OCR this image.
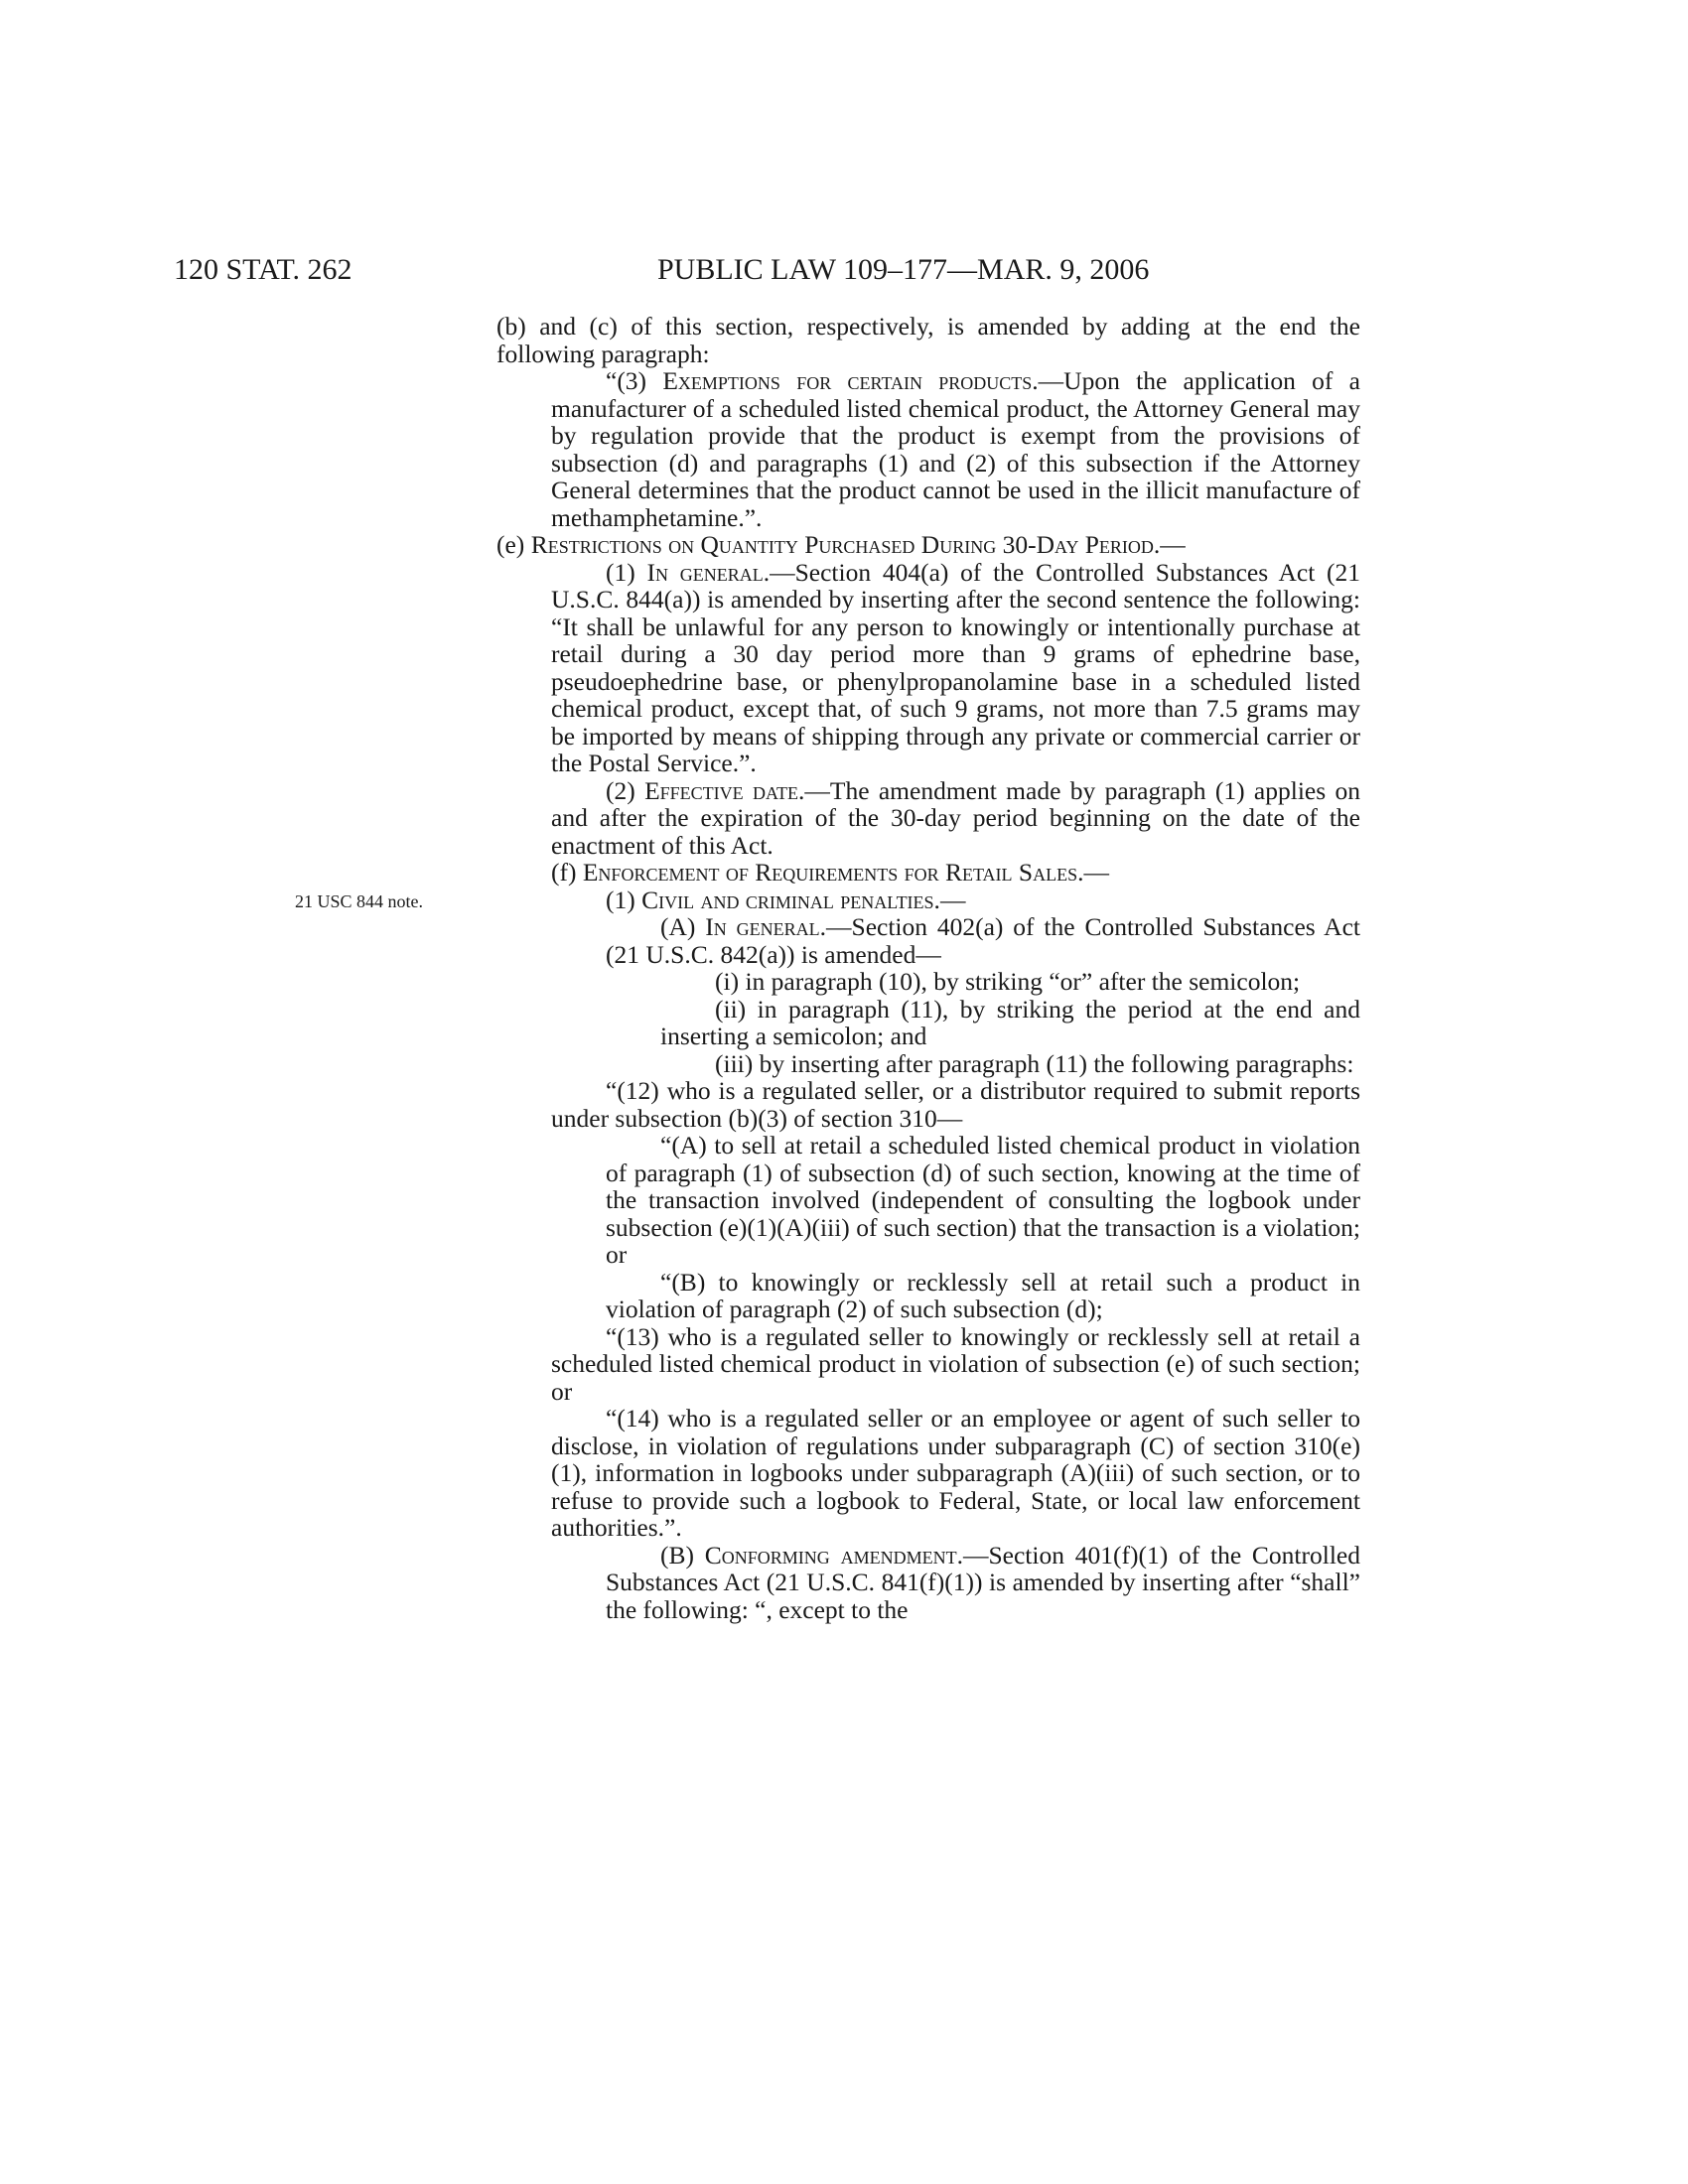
120 STAT. 262	PUBLIC LAW 109–177—MAR. 9, 2006
21 USC 844 note.

(b) and (c) of this section, respectively, is amended by adding at the end the following paragraph:

“(3) Exemptions for certain products.—Upon the application of a manufacturer of a scheduled listed chemical product, the Attorney General may by regulation provide that the product is exempt from the provisions of subsection (d) and paragraphs (1) and (2) of this subsection if the Attorney General determines that the product cannot be used in the illicit manufacture of methamphetamine.”.

(e) Restrictions on Quantity Purchased During 30-Day Period.—

(1) In general.—Section 404(a) of the Controlled Substances Act (21 U.S.C. 844(a)) is amended by inserting after the second sentence the following: “It shall be unlawful for any person to knowingly or intentionally purchase at retail during a 30 day period more than 9 grams of ephedrine base, pseudoephedrine base, or phenylpropanolamine base in a scheduled listed chemical product, except that, of such 9 grams, not more than 7.5 grams may be imported by means of shipping through any private or commercial carrier or the Postal Service.”.

(2) Effective date.—The amendment made by paragraph (1) applies on and after the expiration of the 30-day period beginning on the date of the enactment of this Act.

(f) Enforcement of Requirements for Retail Sales.—

(1) Civil and criminal penalties.—

(A) In general.—Section 402(a) of the Controlled Substances Act (21 U.S.C. 842(a)) is amended—

(i) in paragraph (10), by striking “or” after the semicolon;

(ii) in paragraph (11), by striking the period at the end and inserting a semicolon; and

(iii) by inserting after paragraph (11) the following paragraphs:

“(12) who is a regulated seller, or a distributor required to submit reports under subsection (b)(3) of section 310—

“(A) to sell at retail a scheduled listed chemical product in violation of paragraph (1) of subsection (d) of such section, knowing at the time of the transaction involved (independent of consulting the logbook under subsection (e)(1)(A)(iii) of such section) that the transaction is a violation; or

“(B) to knowingly or recklessly sell at retail such a product in violation of paragraph (2) of such subsection (d);

“(13) who is a regulated seller to knowingly or recklessly sell at retail a scheduled listed chemical product in violation of subsection (e) of such section; or

“(14) who is a regulated seller or an employee or agent of such seller to disclose, in violation of regulations under subparagraph (C) of section 310(e)(1), information in logbooks under subparagraph (A)(iii) of such section, or to refuse to provide such a logbook to Federal, State, or local law enforcement authorities.”.

(B) Conforming amendment.—Section 401(f)(1) of the Controlled Substances Act (21 U.S.C. 841(f)(1)) is amended by inserting after “shall” the following: “, except to the
